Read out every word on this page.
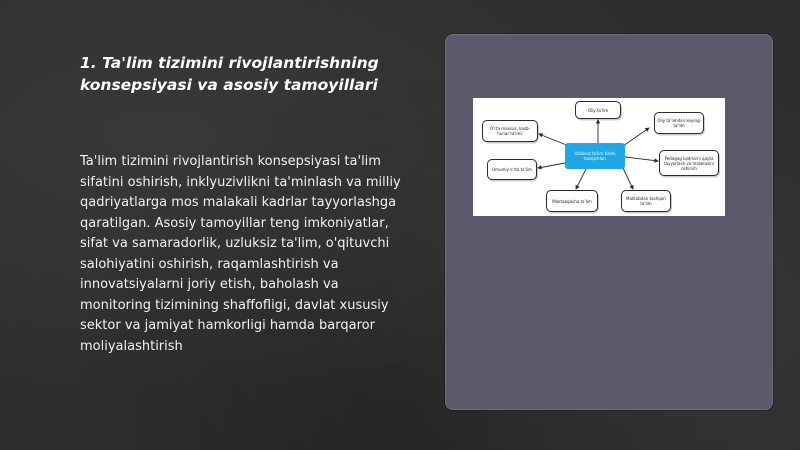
1. Ta'lim tizimini rivojlantirishning konsepsiyasi va asosiy tamoyillari

Ta'lim tizimini rivojlantirish konsepsiyasi ta'lim sifatini oshirish, inklyuzivlikni ta'minlash va milliy qadriyatlarga mos malakali kadrlar tayyorlashga qaratilgan. Asosiy tamoyillar teng imkoniyatlar, sifat va samaradorlik, uzluksiz ta'lim, o'qituvchi salohiyatini oshirish, raqamlashtirish va innovatsiyalarni joriy etish, baholash va monitoring tizimining shaffofligi, davlat xususiy sektor va jamiyat hamkorligi hamda barqaror moliyalashtirish

Uzluksiz ta'lim tizimi bosqichlari
Oliy ta'lim
Oliy ta'limdan keyingi ta'lim
Pedagog kadrlarni qayta tayyorlash va malakasini oshirish
Maktabdan tashqari ta'lim
Maktabgacha ta'lim
Umumiy o'rta ta'lim
O'rta maxsus, kasb-hunar ta'limi
